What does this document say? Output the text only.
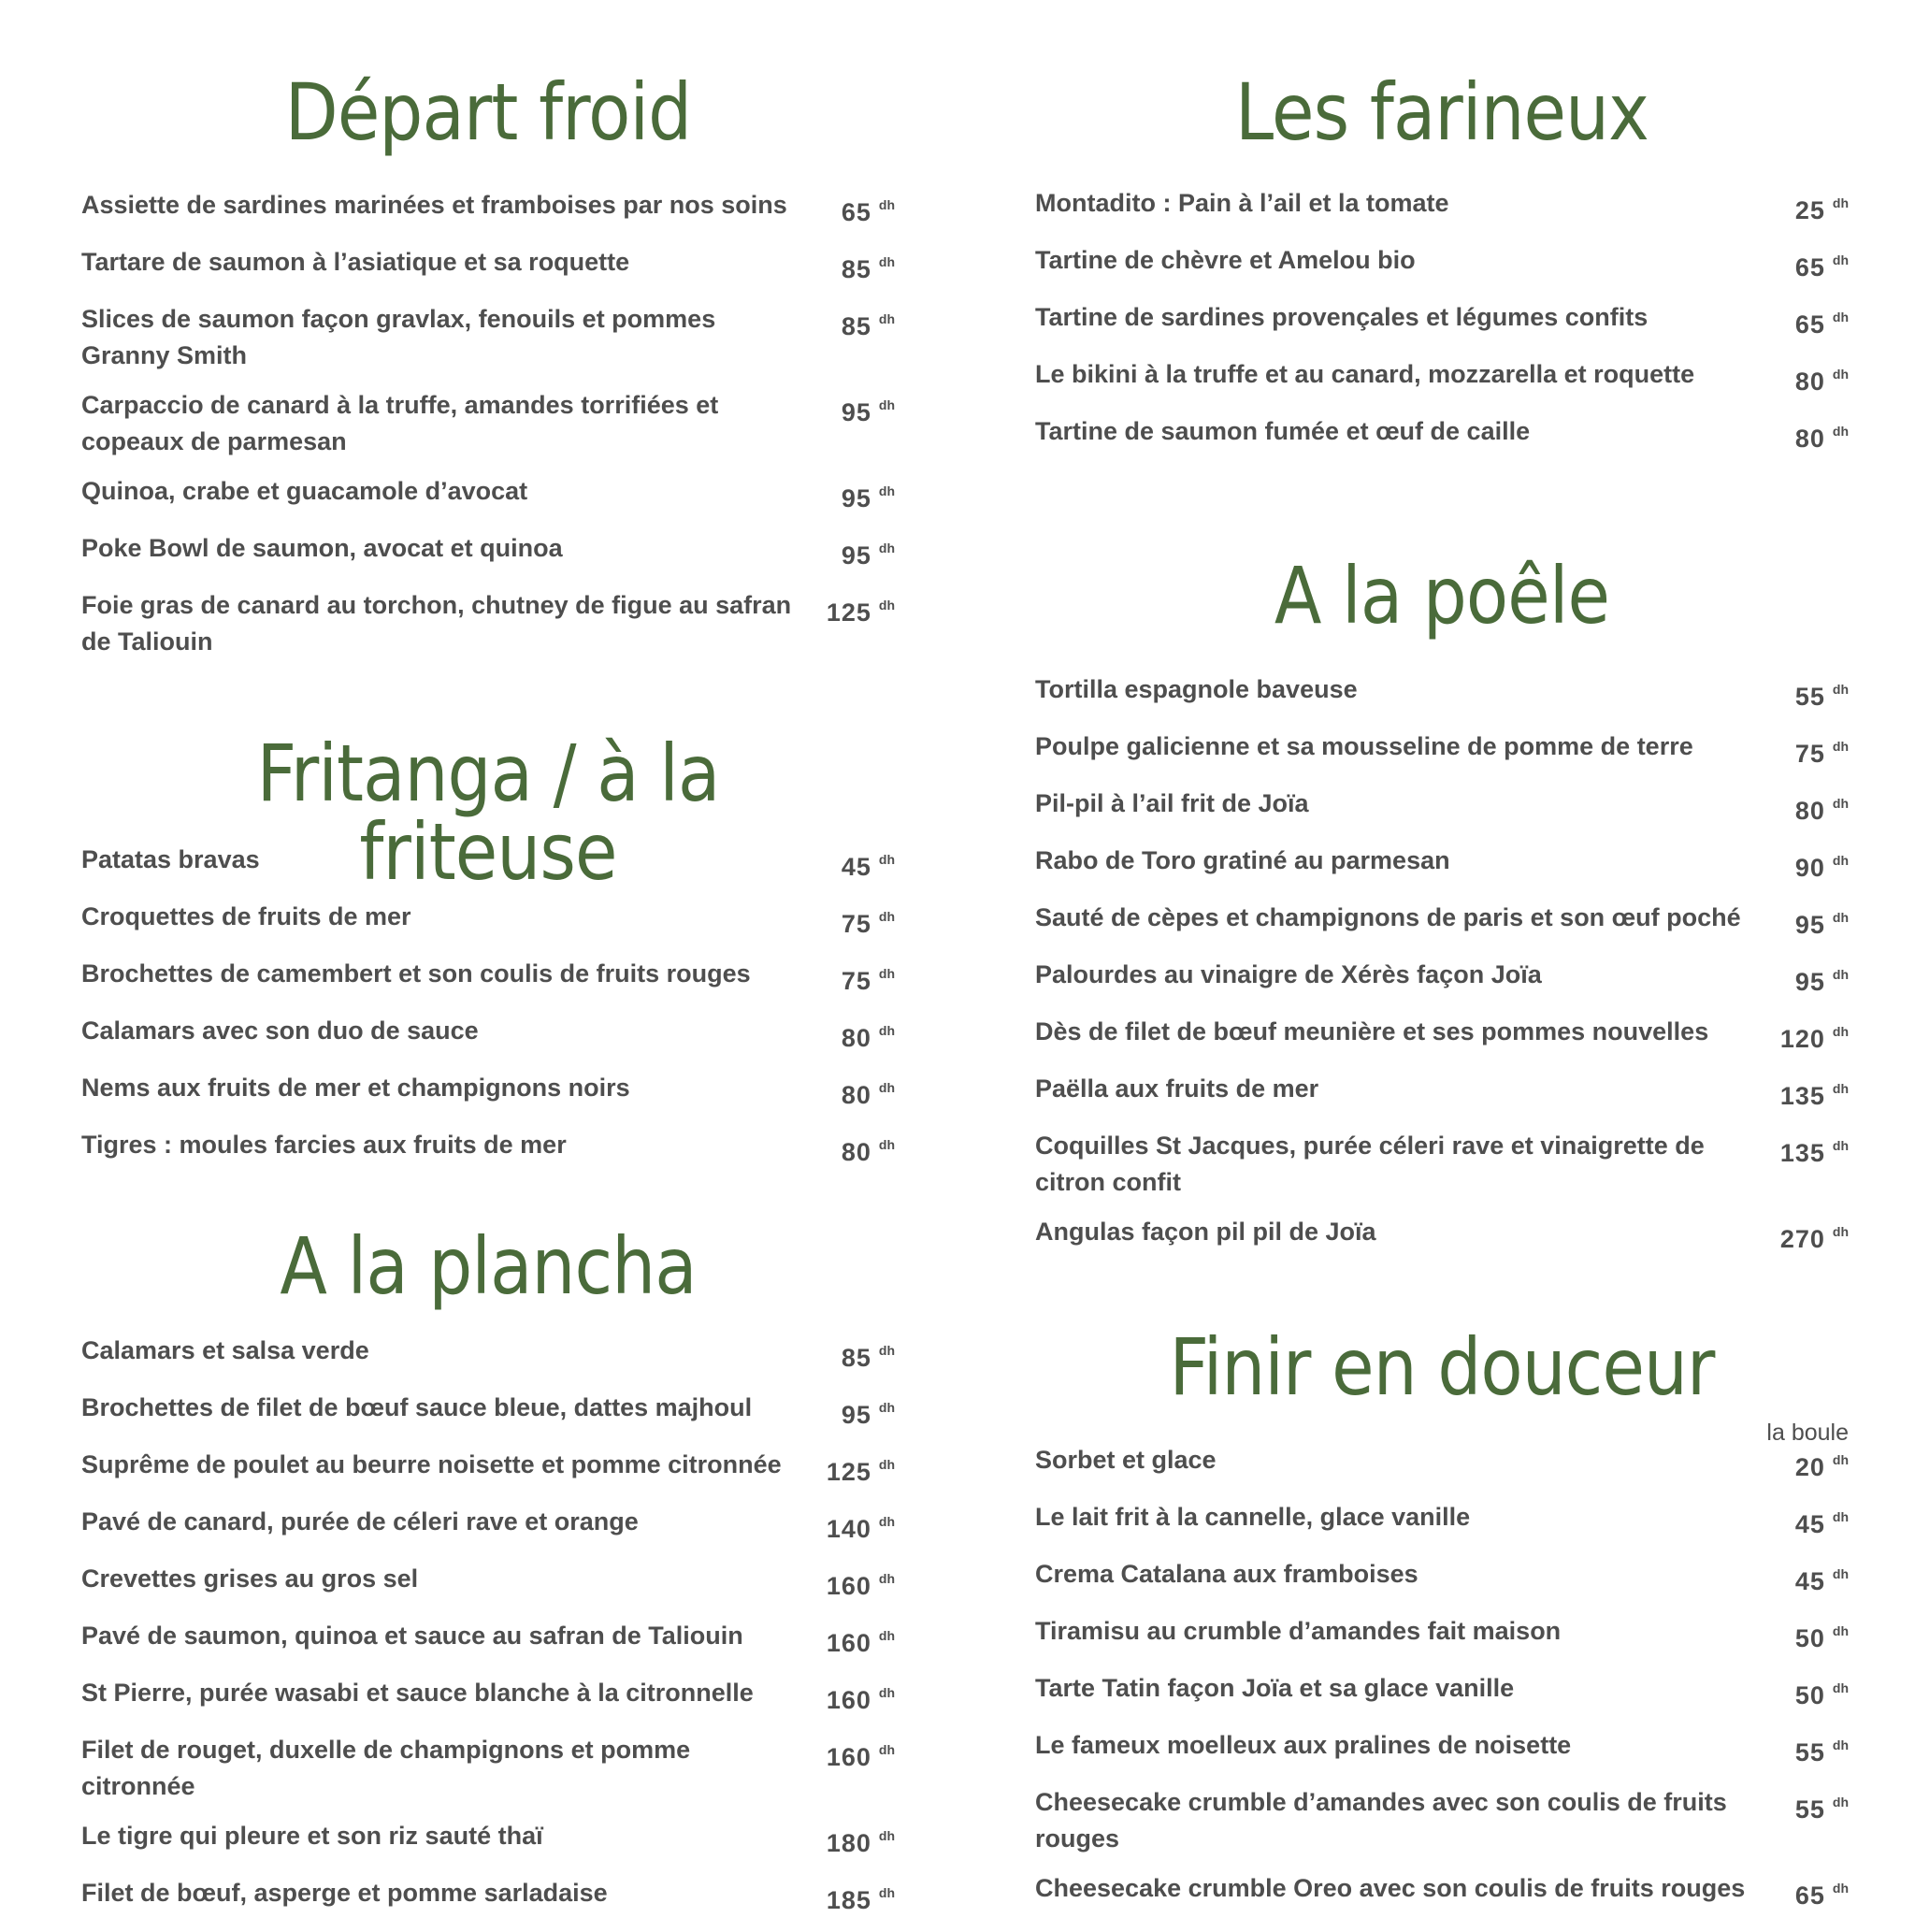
Départ froid
Assiette de sardines marinées et framboises par nos soins	65 $^{dh}$
Tartare de saumon à l’asiatique et sa roquette	85 $^{dh}$
Slices de saumon façon gravlax, fenouils et pommes Granny Smith
85 $^{dh}$
Carpaccio de canard à la truffe, amandes torrifiées et copeaux de parmesan
95 $^{dh}$
Quinoa, crabe et guacamole d’avocat	95 $^{dh}$
Poke Bowl de saumon, avocat et quinoa	95 $^{dh}$
Foie gras de canard au torchon, chutney de figue au safran de Taliouin
125 $^{dh}$
Fritanga / à la friteuse
Patatas bravas	45 $^{dh}$
Croquettes de fruits de mer	75 $^{dh}$
Brochettes de camembert et son coulis de fruits rouges	75 $^{dh}$
Calamars avec son duo de sauce	80 $^{dh}$
Nems aux fruits de mer et champignons noirs	80 $^{dh}$
Tigres : moules farcies aux fruits de mer	80 $^{dh}$
A la plancha
Calamars et salsa verde	85 $^{dh}$
Brochettes de filet de bœuf sauce bleue, dattes majhoul	95 $^{dh}$
Suprême de poulet au beurre noisette et pomme citronnée	125 $^{dh}$
Pavé de canard, purée de céleri rave et orange	140 $^{dh}$
Crevettes grises au gros sel	160 $^{dh}$
Pavé de saumon, quinoa et sauce au safran de Taliouin	160 $^{dh}$
St Pierre, purée wasabi et sauce blanche à la citronnelle	160 $^{dh}$
Filet de rouget, duxelle de champignons et pomme citronnée
160 $^{dh}$
Le tigre qui pleure et son riz sauté thaï	180 $^{dh}$
Filet de bœuf, asperge et pomme sarladaise	185 $^{dh}$
Les farineux
Montadito : Pain à l’ail et la tomate	25 $^{dh}$
Tartine de chèvre et Amelou bio	65 $^{dh}$
Tartine de sardines provençales et légumes confits	65 $^{dh}$
Le bikini à la truffe et au canard, mozzarella et roquette	80 $^{dh}$
Tartine de saumon fumée et œuf de caille	80 $^{dh}$
A la poêle
Tortilla espagnole baveuse	55 $^{dh}$
Poulpe galicienne et sa mousseline de pomme de terre	75 $^{dh}$
Pil-pil à l’ail frit de Joïa	80 $^{dh}$
Rabo de Toro gratiné au parmesan	90 $^{dh}$
Sauté de cèpes et champignons de paris et son œuf poché	95 $^{dh}$
Palourdes au vinaigre de Xérès façon Joïa	95 $^{dh}$
Dès de filet de bœuf meunière et ses pommes nouvelles	120 $^{dh}$
Paëlla aux fruits de mer	135 $^{dh}$
Coquilles St Jacques, purée céleri rave et vinaigrette de citron confit
135 $^{dh}$
Angulas façon pil pil de Joïa	270 $^{dh}$
Finir en douceur
la boule
Sorbet et glace	20 $^{dh}$
Le lait frit à la cannelle, glace vanille	45 $^{dh}$
Crema Catalana aux framboises	45 $^{dh}$
Tiramisu au crumble d’amandes fait maison	50 $^{dh}$
Tarte Tatin façon Joïa et sa glace vanille	50 $^{dh}$
Le fameux moelleux aux pralines de noisette	55 $^{dh}$
Cheesecake crumble d’amandes avec son coulis de fruits rouges
55 $^{dh}$
Cheesecake crumble Oreo avec son coulis de fruits rouges	65 $^{dh}$
